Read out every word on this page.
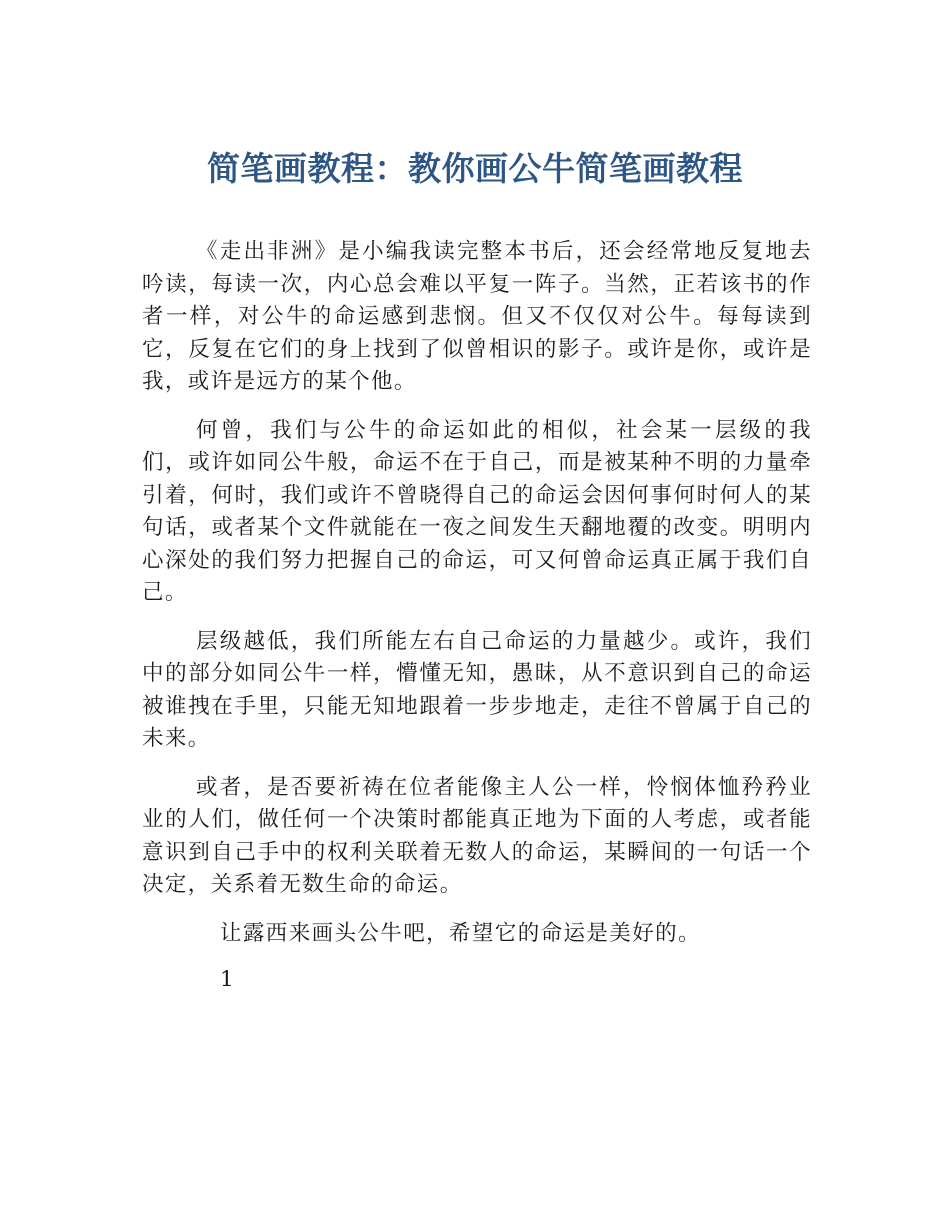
简笔画教程：教你画公牛简笔画教程

《走出非洲》是小编我读完整本书后，还会经常地反复地去吟读，每读一次，内心总会难以平复一阵子。当然，正若该书的作者一样，对公牛的命运感到悲悯。但又不仅仅对公牛。每每读到它，反复在它们的身上找到了似曾相识的影子。或许是你，或许是我，或许是远方的某个他。

何曾，我们与公牛的命运如此的相似，社会某一层级的我们，或许如同公牛般，命运不在于自己，而是被某种不明的力量牵引着，何时，我们或许不曾晓得自己的命运会因何事何时何人的某句话，或者某个文件就能在一夜之间发生天翻地覆的改变。明明内心深处的我们努力把握自己的命运，可又何曾命运真正属于我们自己。

层级越低，我们所能左右自己命运的力量越少。或许，我们中的部分如同公牛一样，懵懂无知，愚昧，从不意识到自己的命运被谁拽在手里，只能无知地跟着一步步地走，走往不曾属于自己的未来。

或者，是否要祈祷在位者能像主人公一样，怜悯体恤矜矜业业的人们，做任何一个决策时都能真正地为下面的人考虑，或者能意识到自己手中的权利关联着无数人的命运，某瞬间的一句话一个决定，关系着无数生命的命运。

让露西来画头公牛吧，希望它的命运是美好的。

1
